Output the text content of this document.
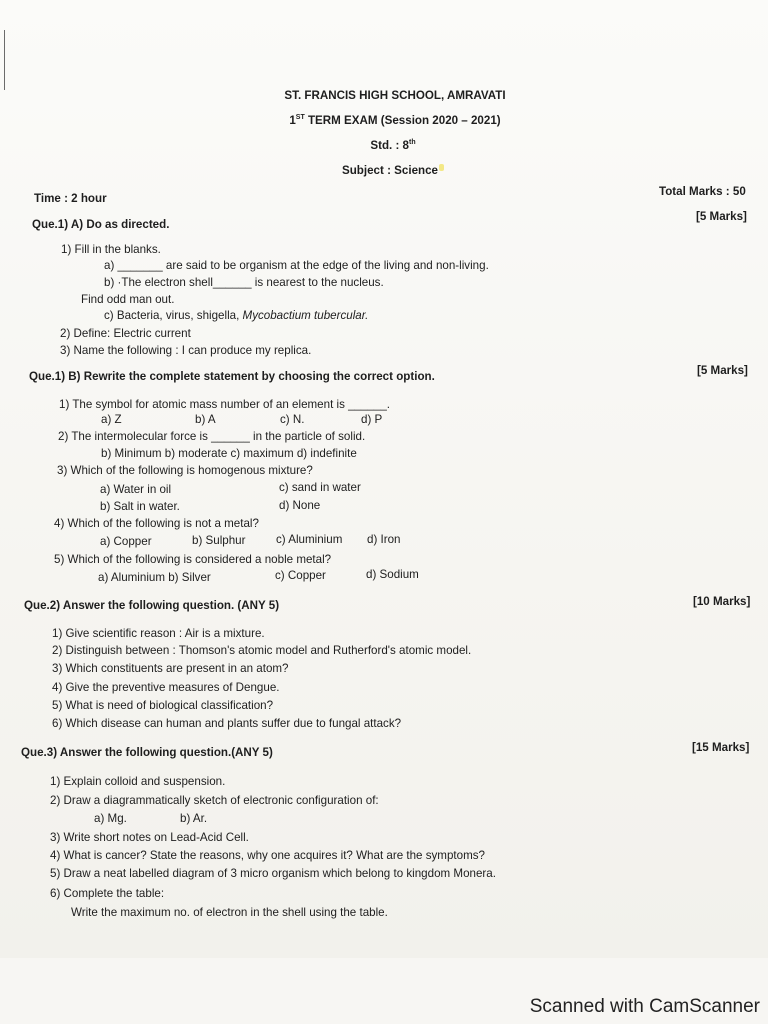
ST. FRANCIS HIGH SCHOOL, AMRAVATI
1ST TERM EXAM (Session 2020 – 2021)
Std. : 8th
Subject : Science
Time : 2 hour
Total Marks : 50
Que.1) A) Do as directed.
[5 Marks]
1) Fill in the blanks.
a) _______ are said to be organism at the edge of the living and non-living.
b) ·The electron shell______ is nearest to the nucleus.
Find odd man out.
c) Bacteria, virus, shigella, Mycobactium tubercular.
2) Define: Electric current
3) Name the following : I can produce my replica.
Que.1) B) Rewrite the complete statement by choosing the correct option.	[5 Marks]
1) The symbol for atomic mass number of an element is ______.
a) Z	b) A	c) N.	d) P
2) The intermolecular force is ______ in the particle of solid.
b) Minimum b) moderate c) maximum d) indefinite
3) Which of the following is homogenous mixture?
a) Water in oil	c) sand in water
b) Salt in water.	d) None
4) Which of the following is not a metal?
a) Copper	b) Sulphur	c) Aluminium d) Iron
5) Which of the following is considered a noble metal?
a) Aluminium b) Silver	c) Copper	d) Sodium
Que.2) Answer the following question. (ANY 5)	[10 Marks]
1) Give scientific reason : Air is a mixture.
2) Distinguish between : Thomson's atomic model and Rutherford's atomic model.
3) Which constituents are present in an atom?
4) Give the preventive measures of Dengue.
5) What is need of biological classification?
6) Which disease can human and plants suffer due to fungal attack?
Que.3) Answer the following question.(ANY 5)	[15 Marks]
1) Explain colloid and suspension.
2) Draw a diagrammatically sketch of electronic configuration of:
a) Mg.	b) Ar.
3) Write short notes on Lead-Acid Cell.
4) What is cancer? State the reasons, why one acquires it? What are the symptoms?
5) Draw a neat labelled diagram of 3 micro organism which belong to kingdom Monera.
6) Complete the table:
Write the maximum no. of electron in the shell using the table.
Scanned with CamScanner
